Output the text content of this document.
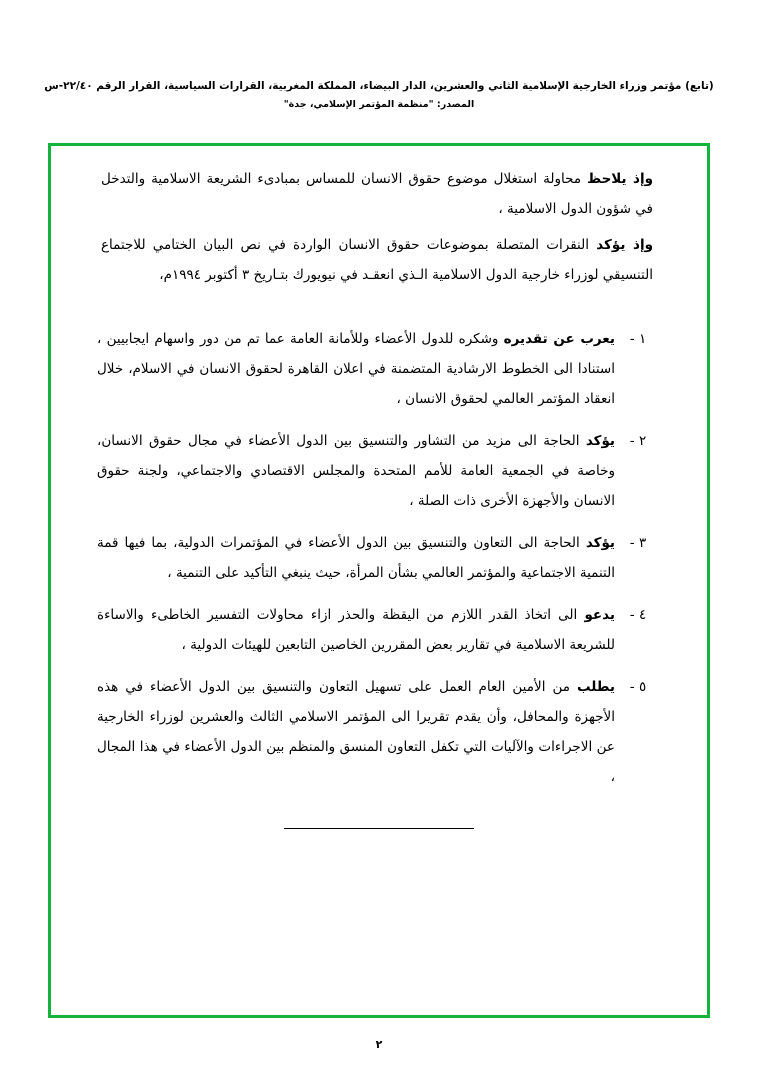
(تابع) مؤتمر وزراء الخارجية الإسلامية الثاني والعشرين، الدار البيضاء، المملكة المغربية، القرارات السياسية، القرار الرقم ٢٢/٤٠-س
المصدر: "منظمة المؤتمر الإسلامي، جدة"
وإذ يلاحظ محاولة استغلال موضوع حقوق الانسان للمساس بمبادىء الشريعة الاسلامية والتدخل في شؤون الدول الاسلامية ،
وإذ يؤكد النقرات المتصلة بموضوعات حقوق الانسان الواردة في نص البيان الختامي للاجتماع التنسيقي لوزراء خارجية الدول الاسلامية الـذي انعقـد في نيويورك بتـاريخ ٣ أكتوبر ١٩٩٤م،
١ -
يعرب عن تقديره وشكره للدول الأعضاء وللأمانة العامة عما تم من دور واسهام ايجابيين ، استنادا الى الخطوط الارشادية المتضمنة في اعلان القاهرة لحقوق الانسان في الاسلام، خلال انعقاد المؤتمر العالمي لحقوق الانسان ،
٢ -
يؤكد الحاجة الى مزيد من التشاور والتنسيق بين الدول الأعضاء في مجال حقوق الانسان، وخاصة في الجمعية العامة للأمم المتحدة والمجلس الاقتصادي والاجتماعي، ولجنة حقوق الانسان والأجهزة الأخرى ذات الصلة ،
٣ -
يؤكد الحاجة الى التعاون والتنسيق بين الدول الأعضاء في المؤتمرات الدولية، بما فيها قمة التنمية الاجتماعية والمؤتمر العالمي بشأن المرأة، حيث ينبغي التأكيد على التنمية ،
٤ -
يدعو الى اتخاذ القدر اللازم من اليقظة والحذر ازاء محاولات التفسير الخاطىء والاساءة للشريعة الاسلامية في تقارير بعض المقررين الخاصين التابعين للهيئات الدولية ،
٥ -
يطلب من الأمين العام العمل على تسهيل التعاون والتنسيق بين الدول الأعضاء في هذه الأجهزة والمحافل، وأن يقدم تقريرا الى المؤتمر الاسلامي الثالث والعشرين لوزراء الخارجية عن الاجراءات والآليات التي تكفل التعاون المنسق والمنظم بين الدول الأعضاء في هذا المجال ،
٢
